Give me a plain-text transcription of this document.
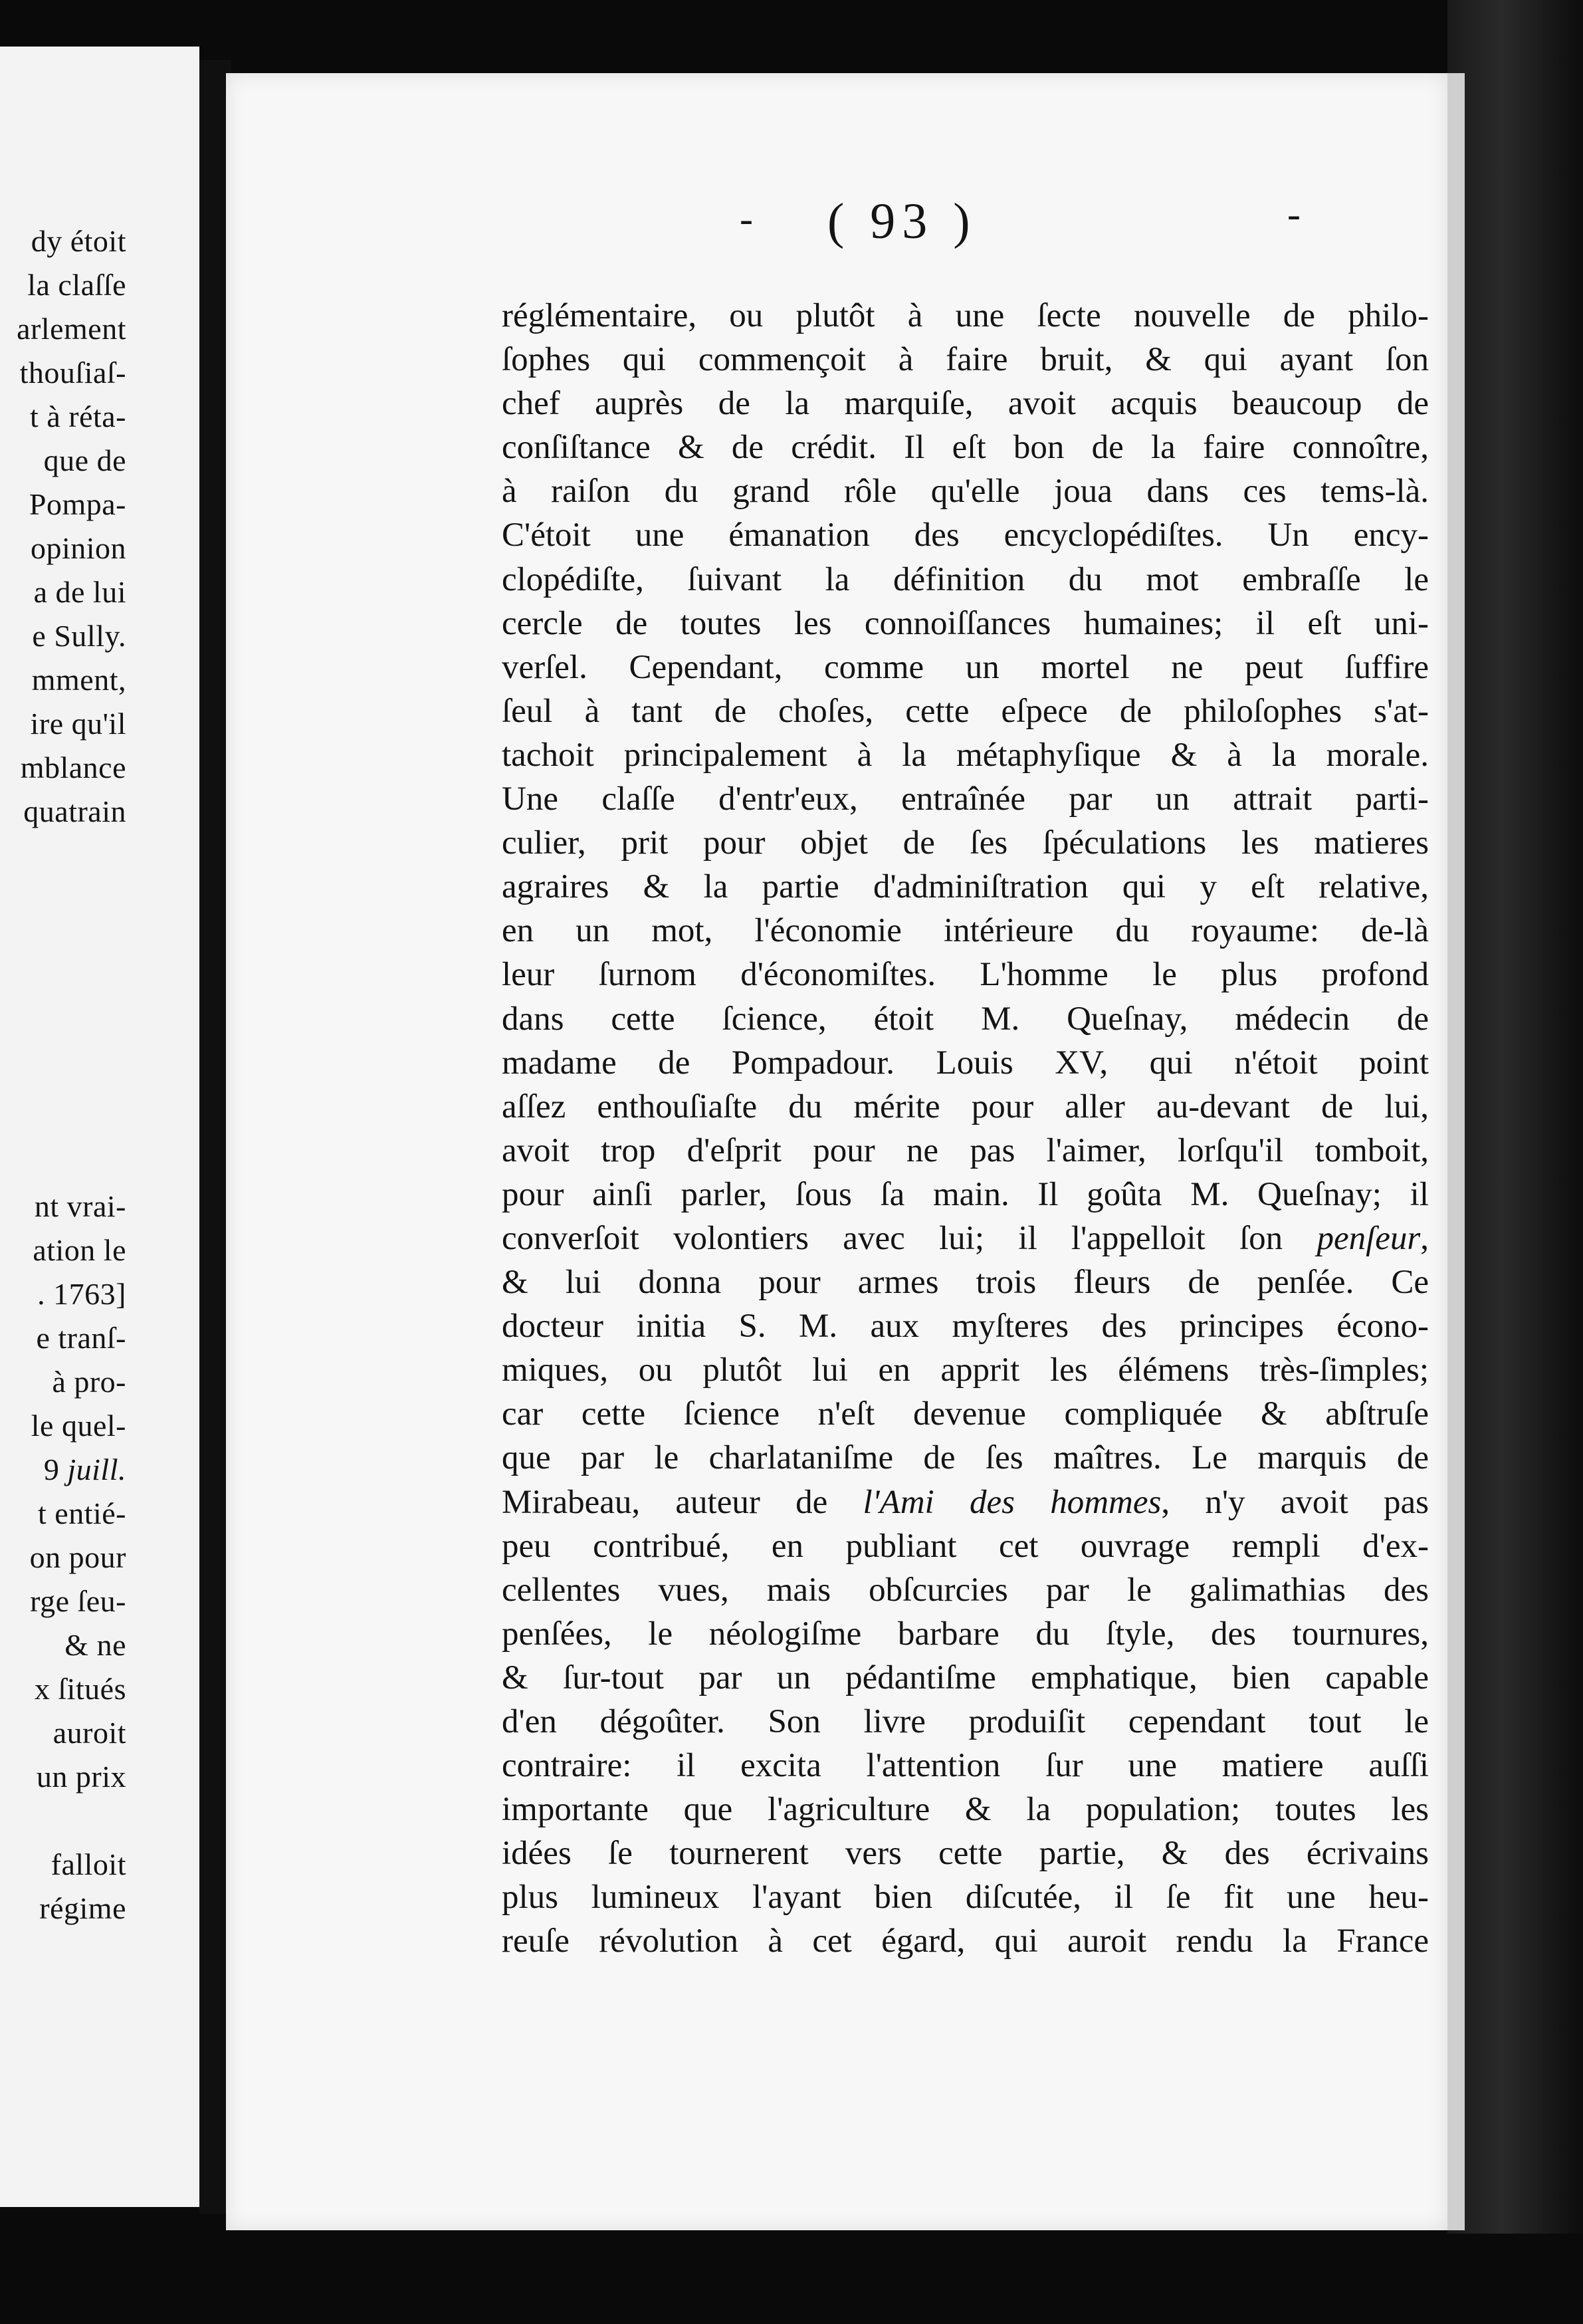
dy étoit
la claſſe
arlement
thouſiaſ-
t à réta-
que de
Pompa-
opinion
a de lui
e Sully.
mment,
ire qu'il
mblance
quatrain
nt vrai-
ation le
. 1763]
e tranſ-
à pro-
le quel-
9 juill.
t entié-
on pour
rge ſeu-
& ne
x ſitués
auroit
un prix
falloit
régime
- ( 93 )	-
réglémentaire, ou plutôt à une ſecte nouvelle de philo-
ſophes qui commençoit à faire bruit, & qui ayant ſon
chef auprès de la marquiſe, avoit acquis beaucoup de
conſiſtance & de crédit. Il eſt bon de la faire connoître,
à raiſon du grand rôle qu'elle joua dans ces tems-là.
C'étoit une émanation des encyclopédiſtes. Un ency-
clopédiſte, ſuivant la définition du mot embraſſe le
cercle de toutes les connoiſſances humaines; il eſt uni-
verſel. Cependant, comme un mortel ne peut ſuffire
ſeul à tant de choſes, cette eſpece de philoſophes s'at-
tachoit principalement à la métaphyſique & à la morale.
Une claſſe d'entr'eux, entraînée par un attrait parti-
culier, prit pour objet de ſes ſpéculations les matieres
agraires & la partie d'adminiſtration qui y eſt relative,
en un mot, l'économie intérieure du royaume: de-là
leur ſurnom d'économiſtes. L'homme le plus profond
dans cette ſcience, étoit M. Queſnay, médecin de
madame de Pompadour. Louis XV, qui n'étoit point
aſſez enthouſiaſte du mérite pour aller au-devant de lui,
avoit trop d'eſprit pour ne pas l'aimer, lorſqu'il tomboit,
pour ainſi parler, ſous ſa main. Il goûta M. Queſnay; il
converſoit volontiers avec lui; il l'appelloit ſon penſeur,
& lui donna pour armes trois fleurs de penſée. Ce
docteur initia S. M. aux myſteres des principes écono-
miques, ou plutôt lui en apprit les élémens très-ſimples;
car cette ſcience n'eſt devenue compliquée & abſtruſe
que par le charlataniſme de ſes maîtres. Le marquis de
Mirabeau, auteur de l'Ami des hommes, n'y avoit pas
peu contribué, en publiant cet ouvrage rempli d'ex-
cellentes vues, mais obſcurcies par le galimathias des
penſées, le néologiſme barbare du ſtyle, des tournures,
& ſur-tout par un pédantiſme emphatique, bien capable
d'en dégoûter. Son livre produiſit cependant tout le
contraire: il excita l'attention ſur une matiere auſſi
importante que l'agriculture & la population; toutes les
idées ſe tournerent vers cette partie, & des écrivains
plus lumineux l'ayant bien diſcutée, il ſe fit une heu-
reuſe révolution à cet égard, qui auroit rendu la France
